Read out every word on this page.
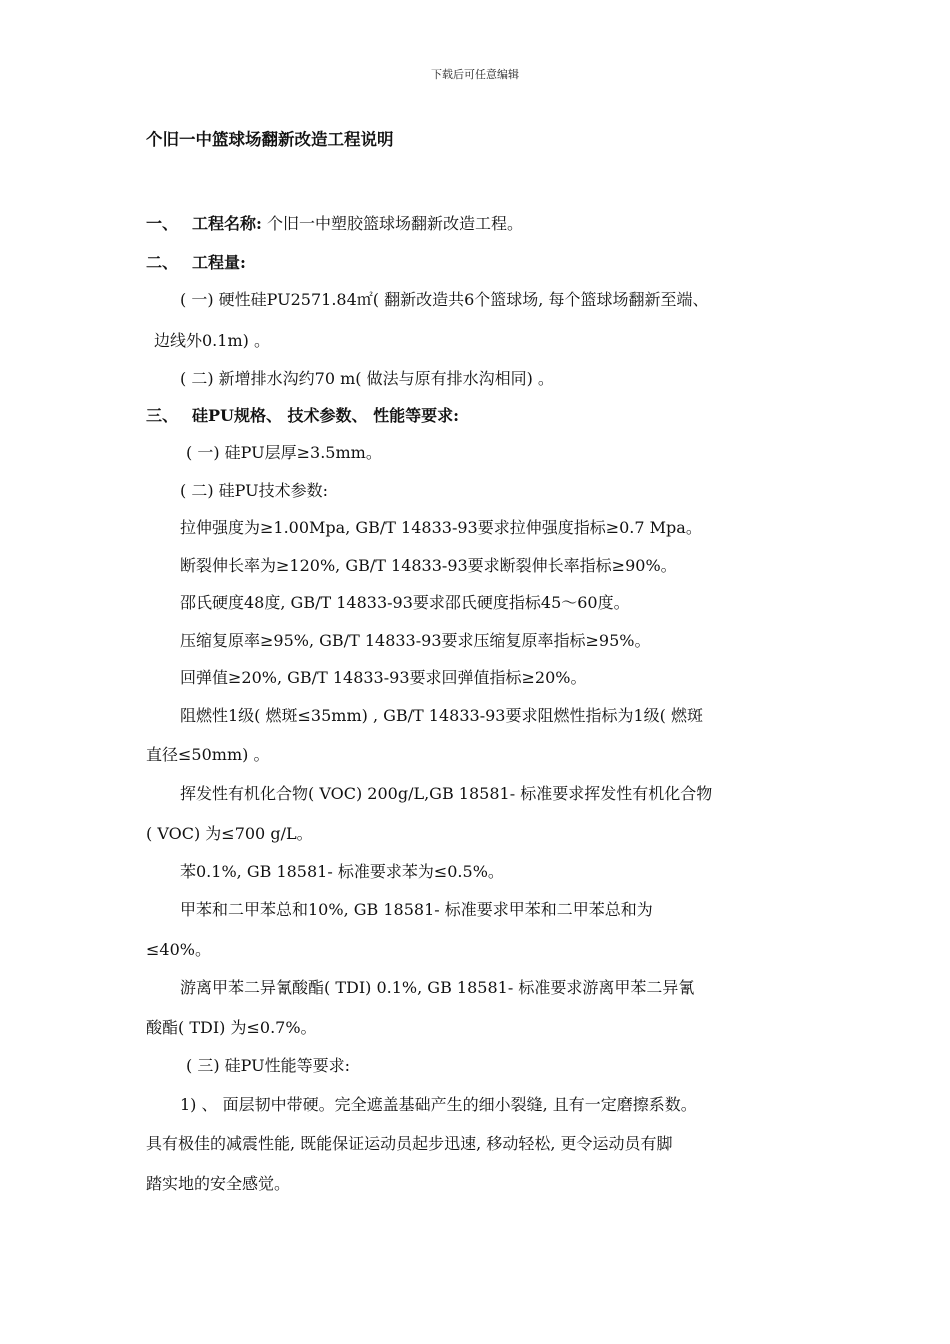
下载后可任意编辑
个旧一中篮球场翻新改造工程说明
一、 工程名称: 个旧一中塑胶篮球场翻新改造工程。
二、 工程量:
( 一) 硬性硅PU2571.84㎡( 翻新改造共6个篮球场, 每个篮球场翻新至端、
边线外0.1m) 。
( 二) 新增排水沟约70 m( 做法与原有排水沟相同) 。
三、 硅PU规格、 技术参数、 性能等要求:
( 一) 硅PU层厚≥3.5mm。
( 二) 硅PU技术参数:
拉伸强度为≥1.00Mpa, GB/T 14833-93要求拉伸强度指标≥0.7 Mpa。
断裂伸长率为≥120%, GB/T 14833-93要求断裂伸长率指标≥90%。
邵氏硬度48度, GB/T 14833-93要求邵氏硬度指标45～60度。
压缩复原率≥95%, GB/T 14833-93要求压缩复原率指标≥95%。
回弹值≥20%, GB/T 14833-93要求回弹值指标≥20%。
阻燃性1级( 燃斑≤35mm) , GB/T 14833-93要求阻燃性指标为1级( 燃斑
直径≤50mm) 。
挥发性有机化合物( VOC) 200g/L,GB 18581- 标准要求挥发性有机化合物
( VOC) 为≤700 g/L。
苯0.1%, GB 18581- 标准要求苯为≤0.5%。
甲苯和二甲苯总和10%, GB 18581- 标准要求甲苯和二甲苯总和为
≤40%。
游离甲苯二异氰酸酯( TDI) 0.1%, GB 18581- 标准要求游离甲苯二异氰
酸酯( TDI) 为≤0.7%。
( 三) 硅PU性能等要求:
1) 、 面层韧中带硬。完全遮盖基础产生的细小裂缝, 且有一定磨擦系数。
具有极佳的减震性能, 既能保证运动员起步迅速, 移动轻松, 更令运动员有脚
踏实地的安全感觉。
